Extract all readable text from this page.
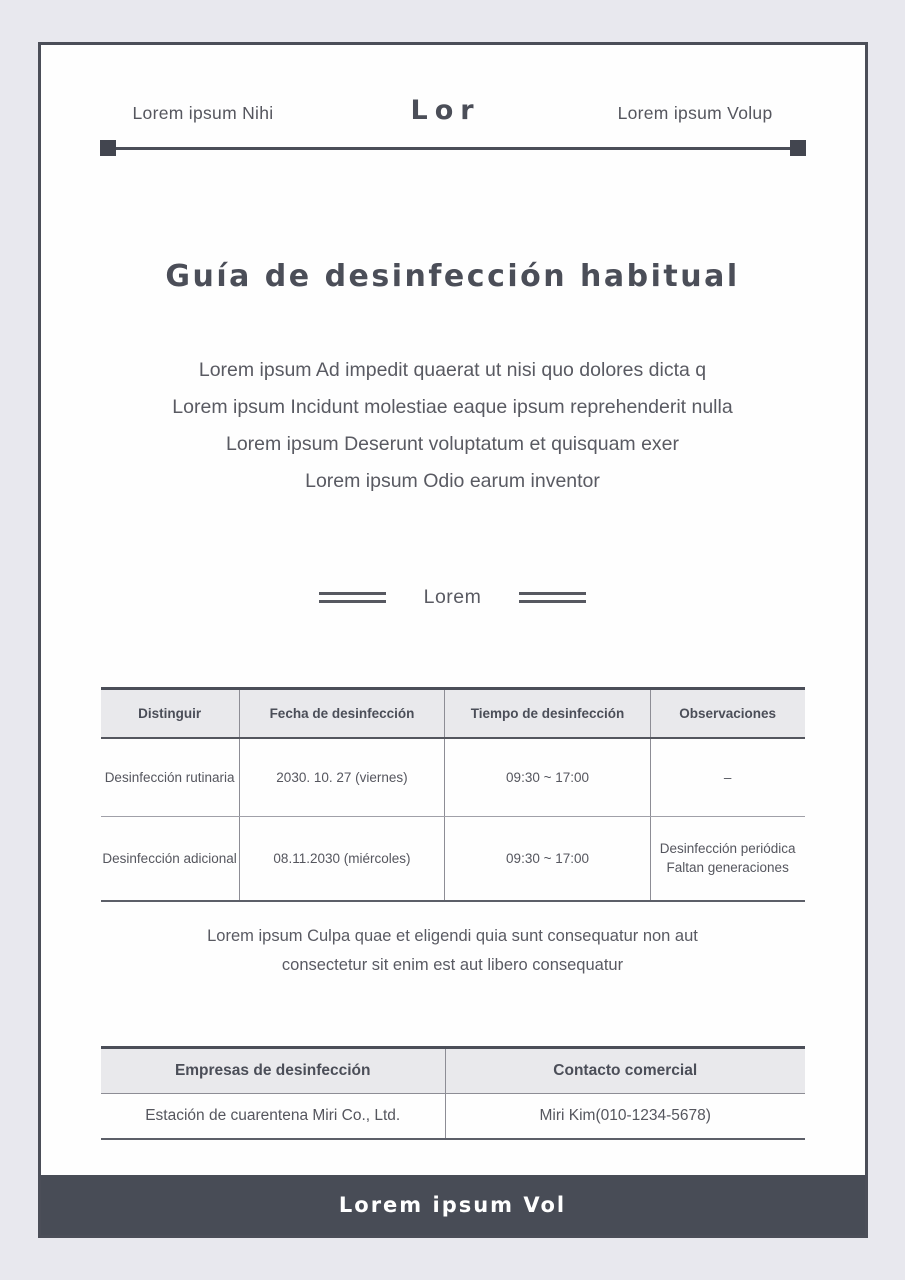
Lorem ipsum Nihi	Lor	Lorem ipsum Volup
Guía de desinfección habitual
Lorem ipsum Ad impedit quaerat ut nisi quo dolores dicta q
Lorem ipsum Incidunt molestiae eaque ipsum reprehenderit nulla
Lorem ipsum Deserunt voluptatum et quisquam exer
Lorem ipsum Odio earum inventor
Lorem
Distinguir	Fecha de desinfección	Tiempo de desinfección	Observaciones
Desinfección rutinaria	2030. 10. 27 (viernes)	09:30 ~ 17:00	–

Desinfección adicional	08.11.2030 (miércoles)	09:30 ~ 17:00	Desinfección periódica
Faltan generaciones
Lorem ipsum Culpa quae et eligendi quia sunt consequatur non aut
consectetur sit enim est aut libero consequatur
Empresas de desinfección	Contacto comercial
Estación de cuarentena Miri Co., Ltd.	Miri Kim(010-1234-5678)
Lorem ipsum Vol
